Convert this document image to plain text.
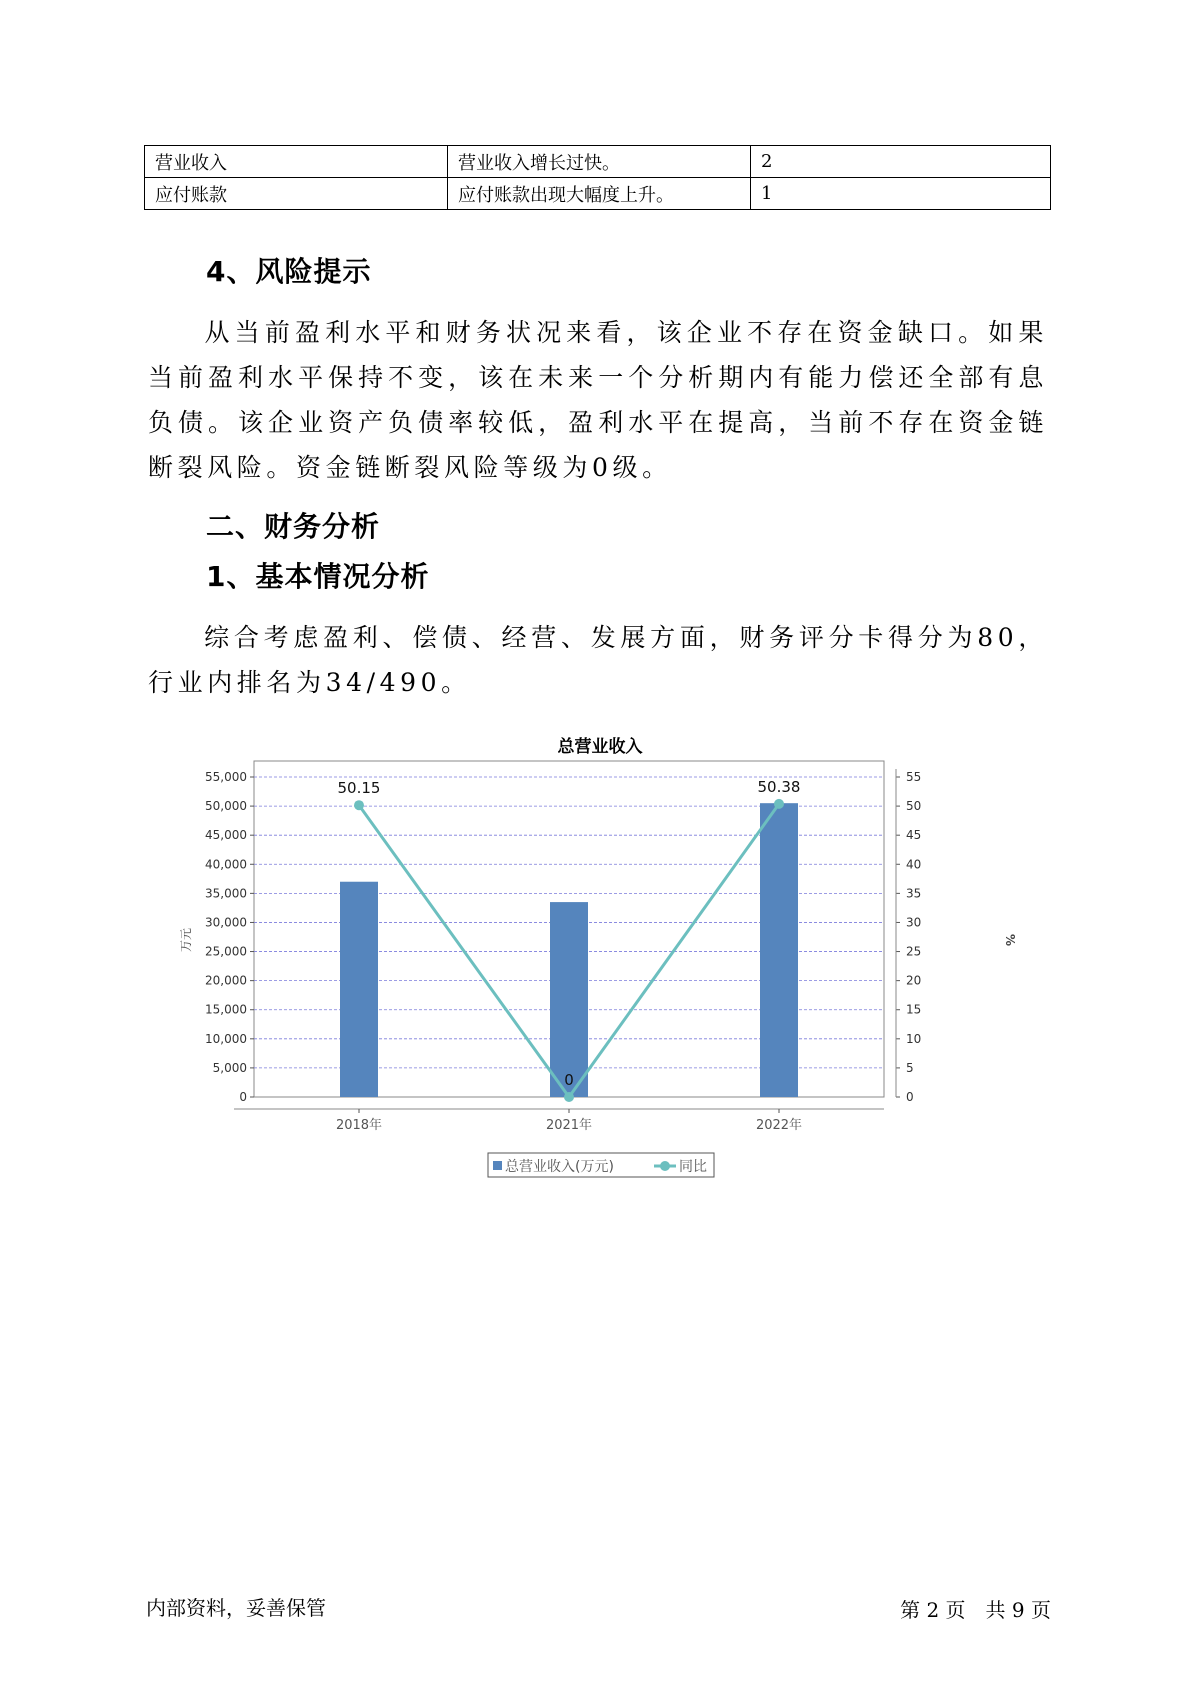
营业收入	营业收入增长过快。	2
应付账款	应付账款出现大幅度上升。	1
4、风险提示
从当前盈利水平和财务状况来看，该企业不存在资金缺口。如果当前盈利水平保持不变，该在未来一个分析期内有能力偿还全部有息负债。该企业资产负债率较低，盈利水平在提高，当前不存在资金链断裂风险。资金链断裂风险等级为0级。
二、财务分析
1、基本情况分析
综合考虑盈利、偿债、经营、发展方面，财务评分卡得分为80，行业内排名为34/490。
总营业收入
50.15
0
50.38
0
5,000
10,000
15,000
20,000
25,000
30,000
35,000
40,000
45,000
50,000
55,000
0
5
10
15
20
25
30
35
40
45
50
55
2018年	2021年	2022年
万元	%
总营业收入(万元)	同比
内部资料，妥善保管	第 2 页　共 9 页
